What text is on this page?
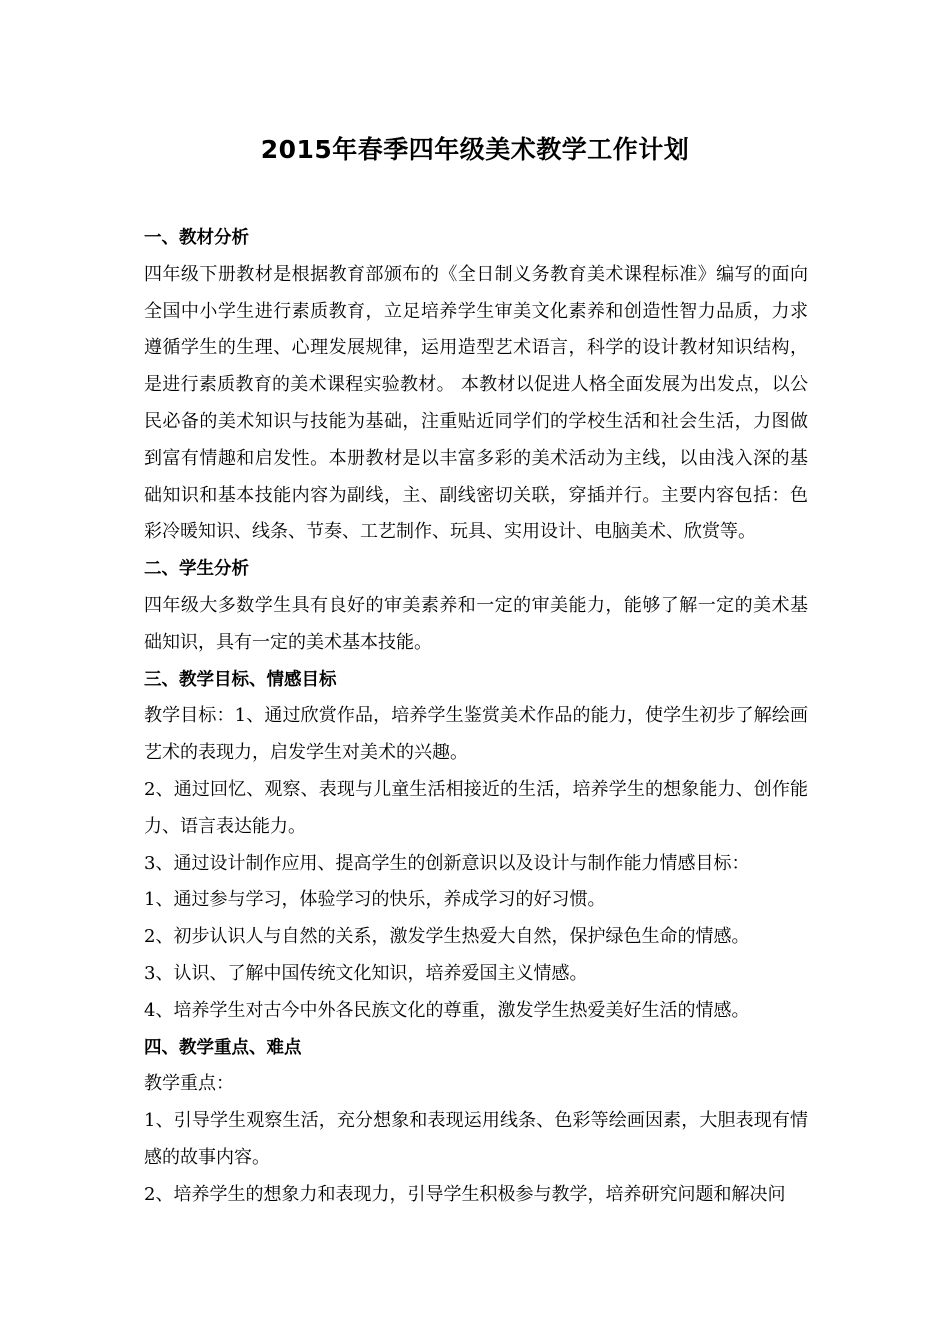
2015年春季四年级美术教学工作计划

一、教材分析

四年级下册教材是根据教育部颁布的《全日制义务教育美术课程标准》编写的面向全国中小学生进行素质教育，立足培养学生审美文化素养和创造性智力品质，力求遵循学生的生理、心理发展规律，运用造型艺术语言，科学的设计教材知识结构，是进行素质教育的美术课程实验教材。 本教材以促进人格全面发展为出发点，以公民必备的美术知识与技能为基础，注重贴近同学们的学校生活和社会生活，力图做到富有情趣和启发性。本册教材是以丰富多彩的美术活动为主线，以由浅入深的基础知识和基本技能内容为副线，主、副线密切关联，穿插并行。主要内容包括：色彩冷暖知识、线条、节奏、工艺制作、玩具、实用设计、电脑美术、欣赏等。

二、学生分析

四年级大多数学生具有良好的审美素养和一定的审美能力，能够了解一定的美术基础知识，具有一定的美术基本技能。

三、教学目标、情感目标

教学目标：1、通过欣赏作品，培养学生鉴赏美术作品的能力，使学生初步了解绘画艺术的表现力，启发学生对美术的兴趣。

2、通过回忆、观察、表现与儿童生活相接近的生活，培养学生的想象能力、创作能力、语言表达能力。

3、通过设计制作应用、提高学生的创新意识以及设计与制作能力情感目标：

1、通过参与学习，体验学习的快乐，养成学习的好习惯。

2、初步认识人与自然的关系，激发学生热爱大自然，保护绿色生命的情感。

3、认识、了解中国传统文化知识，培养爱国主义情感。

4、培养学生对古今中外各民族文化的尊重，激发学生热爱美好生活的情感。

四、教学重点、难点

教学重点：

1、引导学生观察生活，充分想象和表现运用线条、色彩等绘画因素，大胆表现有情感的故事内容。

2、培养学生的想象力和表现力，引导学生积极参与教学，培养研究问题和解决问
